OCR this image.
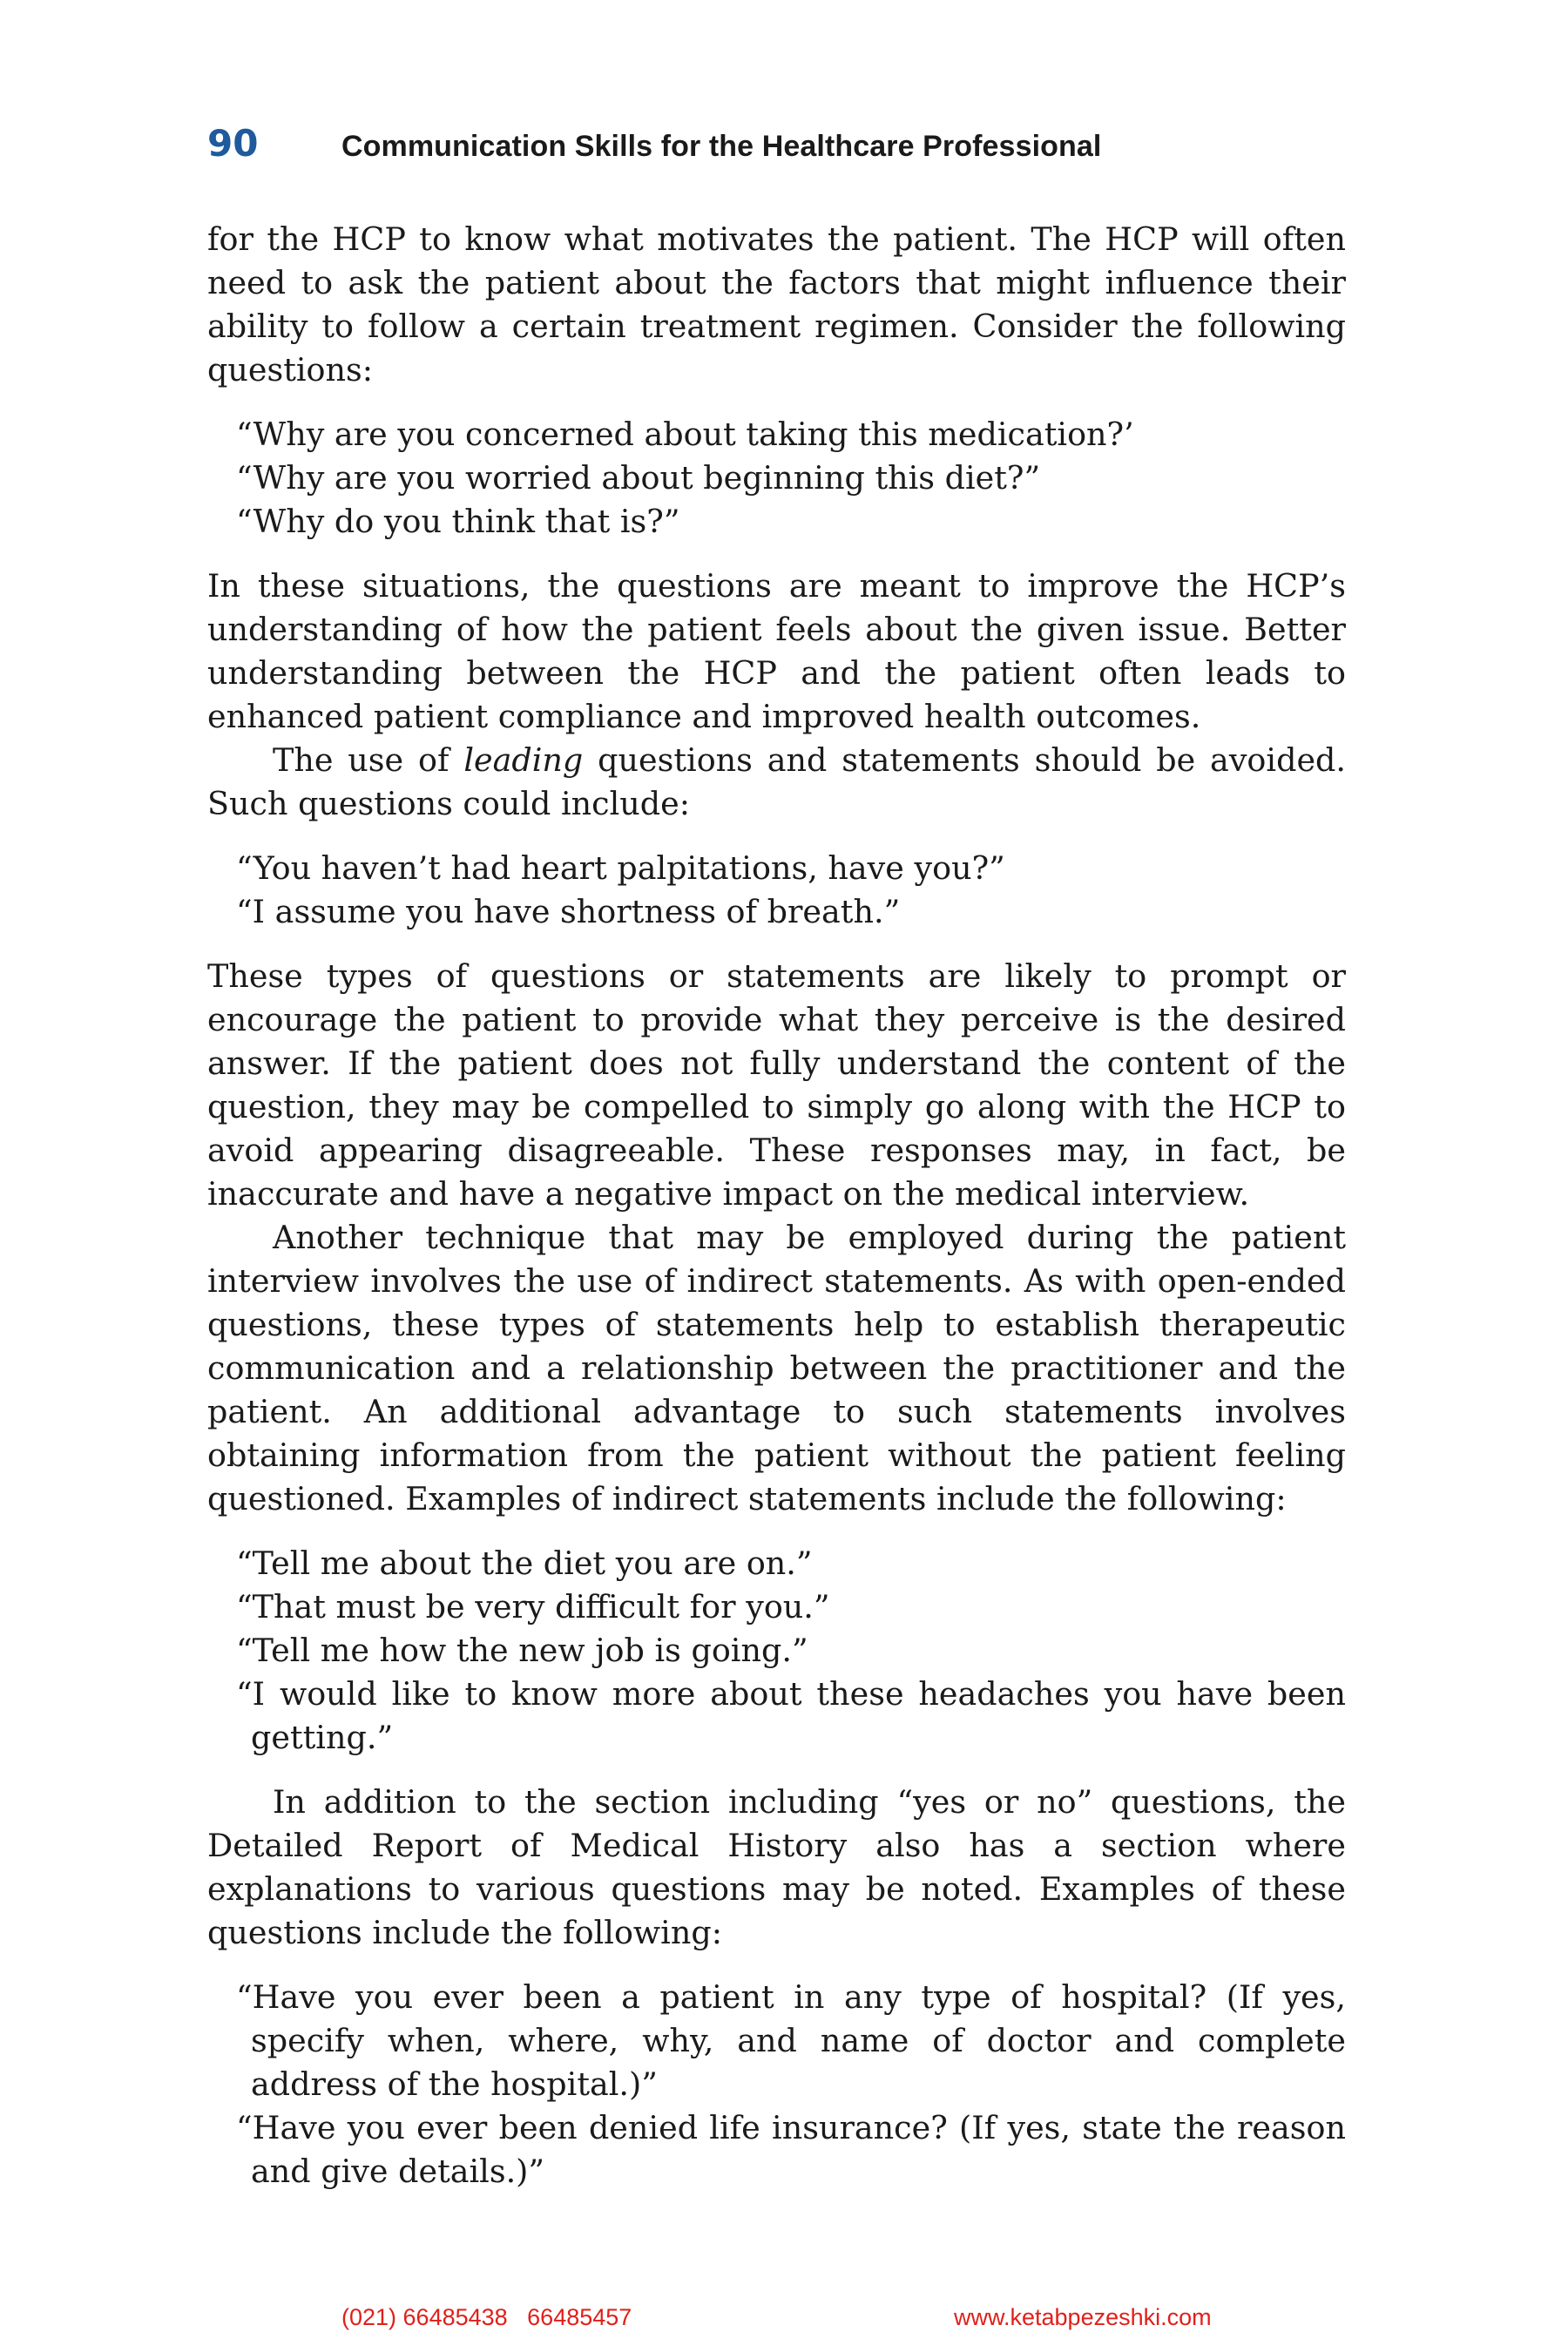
90	Communication Skills for the Healthcare Professional

for the HCP to know what motivates the patient. The HCP will often need to ask the patient about the factors that might influence their ability to follow a certain treatment regimen. Consider the following questions:

“Why are you concerned about taking this medication?’

“Why are you worried about beginning this diet?”

“Why do you think that is?”

In these situations, the questions are meant to improve the HCP’s understanding of how the patient feels about the given issue. Better understanding between the HCP and the patient often leads to enhanced patient compliance and improved health outcomes.

The use of leading questions and statements should be avoided. Such questions could include:

“You haven’t had heart palpitations, have you?”

“I assume you have shortness of breath.”

These types of questions or statements are likely to prompt or encourage the patient to provide what they perceive is the desired answer. If the patient does not fully understand the content of the question, they may be compelled to simply go along with the HCP to avoid appearing disagreeable. These responses may, in fact, be inaccurate and have a negative impact on the medical interview.

Another technique that may be employed during the patient interview involves the use of indirect statements. As with open-ended questions, these types of statements help to establish therapeutic communication and a relationship between the practitioner and the patient. An additional advantage to such statements involves obtaining information from the patient without the patient feeling questioned. Examples of indirect statements include the following:

“Tell me about the diet you are on.”

“That must be very difficult for you.”

“Tell me how the new job is going.”

“I would like to know more about these headaches you have been getting.”

In addition to the section including “yes or no” questions, the Detailed Report of Medical History also has a section where explanations to various questions may be noted. Examples of these questions include the following:

“Have you ever been a patient in any type of hospital? (If yes, specify when, where, why, and name of doctor and complete address of the hospital.)”

“Have you ever been denied life insurance? (If yes, state the reason and give details.)”

(021) 66485438   66485457	www.ketabpezeshki.com
